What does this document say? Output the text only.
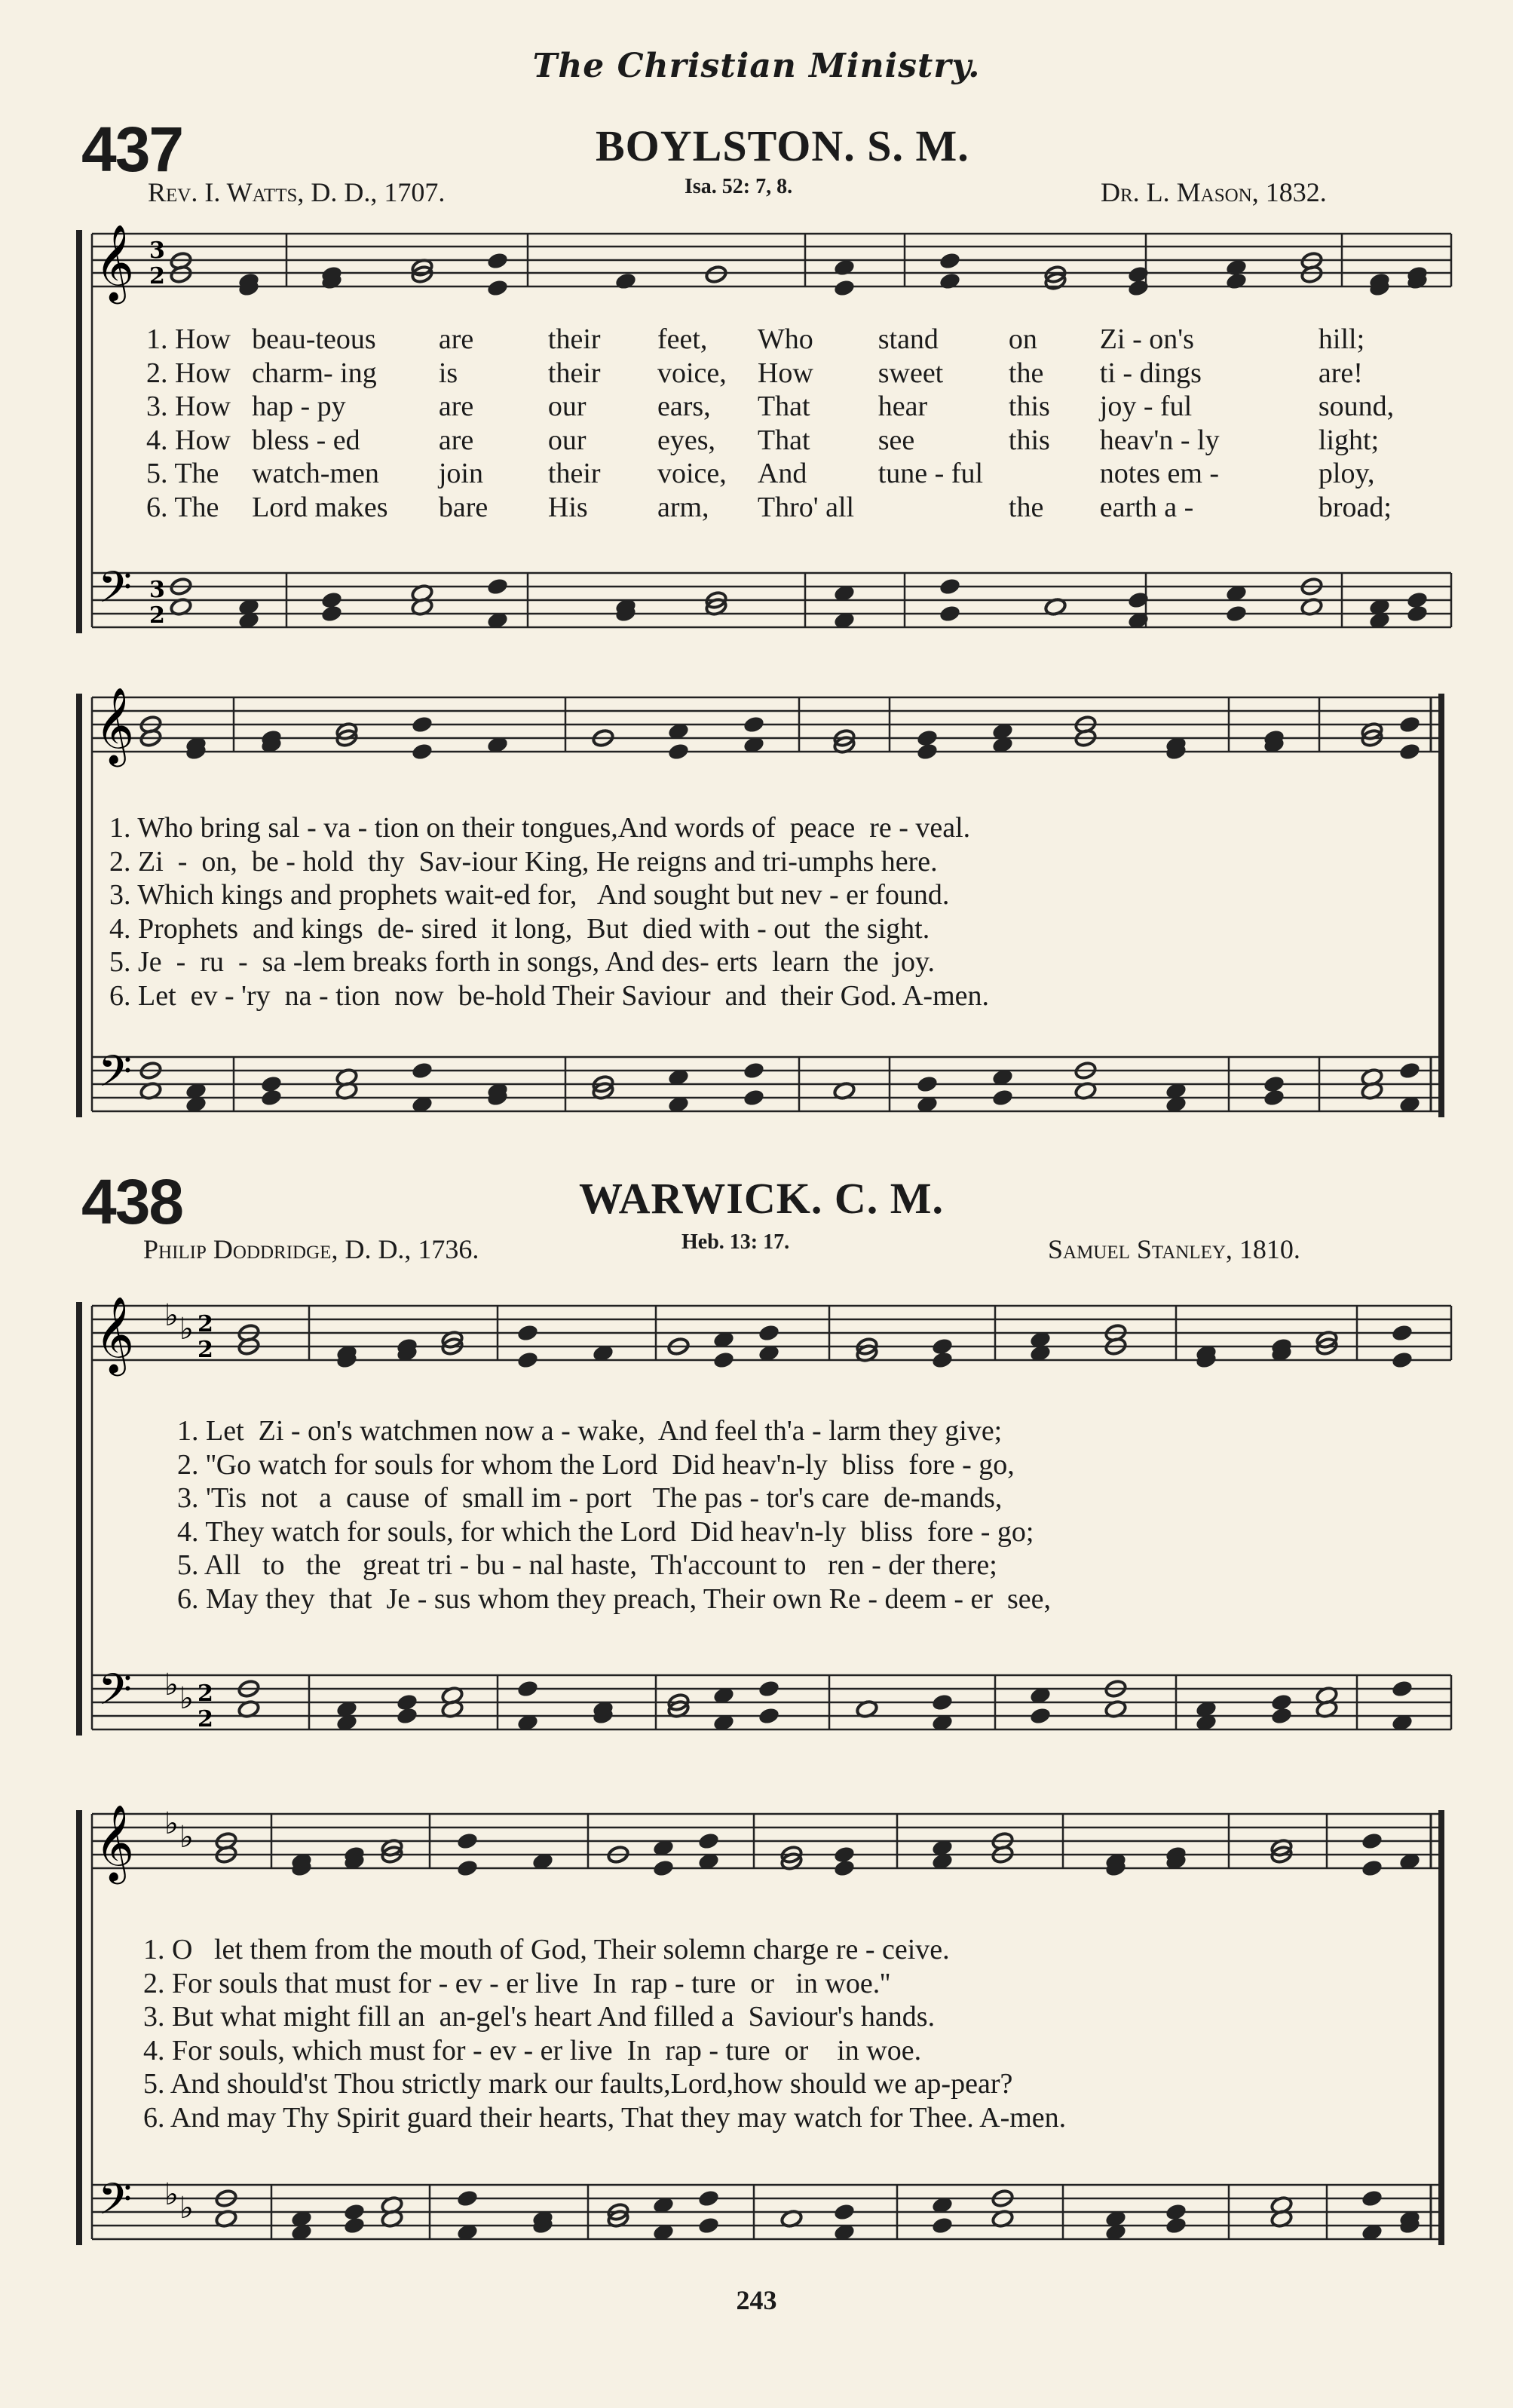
The Christian Ministry.
437	BOYLSTON. S. M.
Rev. I. Watts, D. D., 1707.	Isa. 52: 7, 8.	Dr. L. Mason, 1832.
𝄞
𝄢
3
2
3
2
𝄞
𝄢
𝄞
𝄢
♭ ♭ 2
2
♭ ♭ 2
2
𝄞
𝄢
♭ ♭
♭ ♭
1. How	beau-teous	are	their	feet,	Who	stand	on	Zi - on's	hill;
2. How	charm- ing	is	their	voice,	How	sweet	the	ti - dings	are!
3. How	hap - py	are	our	ears,	That	hear	this	joy - ful	sound,
4. How	bless - ed	are	our	eyes,	That	see	this	heav'n - ly	light;
5. The	watch-men	join	their	voice,	And	tune - ful		notes em -	ploy,
6. The	Lord makes	bare	His	arm,	Thro' all		the	earth a -	broad;
1. Who bring sal - va - tion on their tongues,And words of  peace  re - veal.
2. Zi  -  on,  be - hold  thy  Sav-iour King, He reigns and tri-umphs here.
3. Which kings and prophets wait-ed for,   And sought but nev - er found.
4. Prophets  and kings  de- sired  it long,  But  died with - out  the sight.
5. Je  -  ru  -  sa -lem breaks forth in songs, And des- erts  learn  the  joy.
6. Let  ev - 'ry  na - tion  now  be-hold Their Saviour  and  their God. A-men.
438	WARWICK. C. M.
Philip Doddridge, D. D., 1736.	Heb. 13: 17.	Samuel Stanley, 1810.
1. Let  Zi - on's watchmen now a - wake,  And feel th'a - larm they give;
2. ''Go watch for souls for whom the Lord  Did heav'n-ly  bliss  fore - go,
3. 'Tis  not   a  cause  of  small im - port   The pas - tor's care  de-mands,
4. They watch for souls, for which the Lord  Did heav'n-ly  bliss  fore - go;
5. All   to   the   great tri - bu - nal haste,  Th'account to   ren - der there;
6. May they  that  Je - sus whom they preach, Their own Re - deem - er  see,
1. O   let them from the mouth of God, Their solemn charge re - ceive.
2. For souls that must for - ev - er live  In  rap - ture  or   in woe.''
3. But what might fill an  an-gel's heart And filled a  Saviour's hands.
4. For souls, which must for - ev - er live  In  rap - ture  or    in woe.
5. And should'st Thou strictly mark our faults,Lord,how should we ap-pear?
6. And may Thy Spirit guard their hearts, That they may watch for Thee. A-men.
243
